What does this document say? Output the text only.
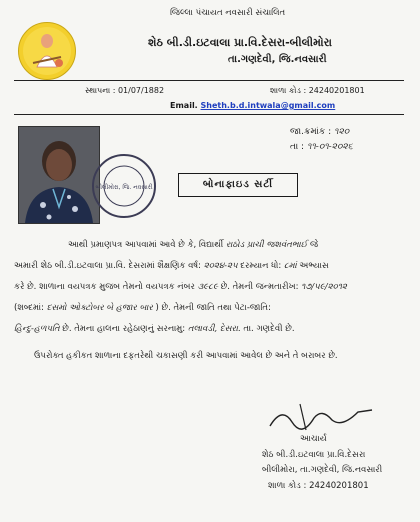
જિલ્લા પંચાયત નવસારી સંચાલિત
શેઠ બી.ડી.ઇટવાલા પ્રા.વિ.દેસરા-બીલીમોરા
તા.ગણદેવી, જિ.નવસારી
સ્થાપના : 01/07/1882	શાળા કોડ : 24240201801
Email. Sheth.b.d.intwala@gmail.com
બીલીમોરા, જિ. નવસારી
જા.ક્રમાંક : ૧૨૦
તા : ૧૧-૦૧-૨૦૨૬
બોનાફાઇડ સર્ટી
આથી પ્રમાણપત્ર આપવામાં આવે છે કે, વિદ્યાર્થી રાઠોડ પ્રાચી જશવંતભાઈ જે
અમારી શેઠ બી.ડી.ઇટવાલા પ્રા.વિ. દેસરામાં શૈક્ષણિક વર્ષ: ૨૦૨૪-૨૫ દરમ્યાન ધો: ૮માં અભ્યાસ
કરે છે. શાળાના વયપત્રક મુજબ તેમનો વયપત્રક નંબર ૩૯૮૯ છે. તેમની જન્મતારીખ: ૧૭/૫૯/૨૦૧૨
(શબ્દમાં: દસમો ઓક્ટોબર બે હજાર બાર ) છે. તેમની જાતિ તથા પેટા-જાતિ:
હિન્દુ-હળપતિ છે. તેમના હાલના રહેઠાણનું સરનામુ: તલાવડી, દેસરા. તા. ગણદેવી છે.
ઉપરોક્ત હકીકત શાળાના દફતરેથી ચકાસણી કરી આપવામાં આવેલ છે અને તે બરાબર છે.
આચાર્ય
શેઠ બી.ડી.ઇટવાલા પ્રા.વિ.દેસરા
બીલીમોરા, તા.ગણદેવી, જિ.નવસારી
શાળા કોડ : 24240201801
